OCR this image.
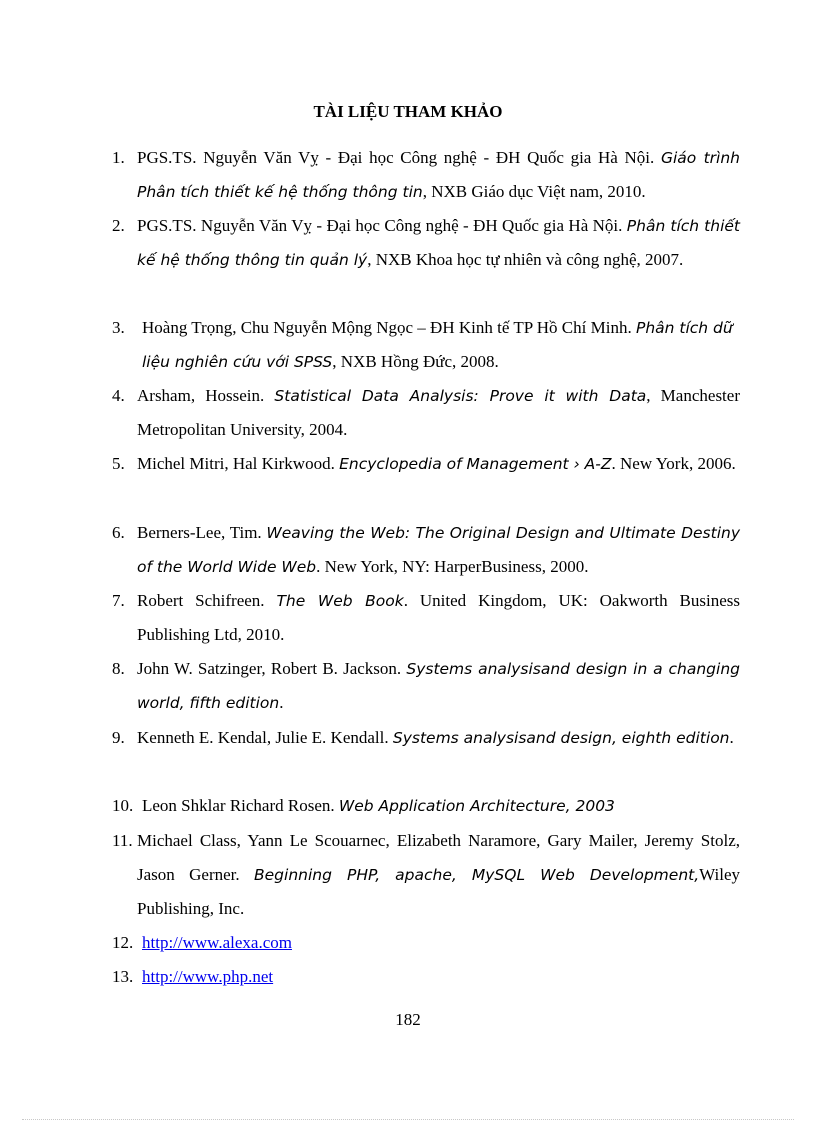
TÀI LIỆU THAM KHẢO
1. PGS.TS. Nguyễn Văn Vỵ - Đại học Công nghệ - ĐH Quốc gia Hà Nội. Giáo trình Phân tích thiết kế hệ thống thông tin, NXB Giáo dục Việt nam, 2010.
2. PGS.TS. Nguyễn Văn Vỵ - Đại học Công nghệ - ĐH Quốc gia Hà Nội. Phân tích thiết kế hệ thống thông tin quản lý, NXB Khoa học tự nhiên và công nghệ, 2007.
3. Hoàng Trọng, Chu Nguyễn Mộng Ngọc – ĐH Kinh tế TP Hồ Chí Minh. Phân tích dữ liệu nghiên cứu với SPSS, NXB Hồng Đức, 2008.
4. Arsham, Hossein. Statistical Data Analysis: Prove it with Data, Manchester Metropolitan University, 2004.
5. Michel Mitri, Hal Kirkwood. Encyclopedia of Management › A-Z. New York, 2006.
6. Berners-Lee, Tim. Weaving the Web: The Original Design and Ultimate Destiny of the World Wide Web. New York, NY: HarperBusiness, 2000.
7. Robert Schifreen. The Web Book. United Kingdom, UK: Oakworth Business Publishing Ltd, 2010.
8. John W. Satzinger, Robert B. Jackson. Systems analysisand design in a changing world, fifth edition.
9. Kenneth E. Kendal, Julie E. Kendall. Systems analysisand design, eighth edition.
10. Leon Shklar Richard Rosen. Web Application Architecture, 2003
11. Michael Class, Yann Le Scouarnec, Elizabeth Naramore, Gary Mailer, Jeremy Stolz, Jason Gerner. Beginning PHP, apache, MySQL Web Development,Wiley Publishing, Inc.
12. http://www.alexa.com
13. http://www.php.net
182
